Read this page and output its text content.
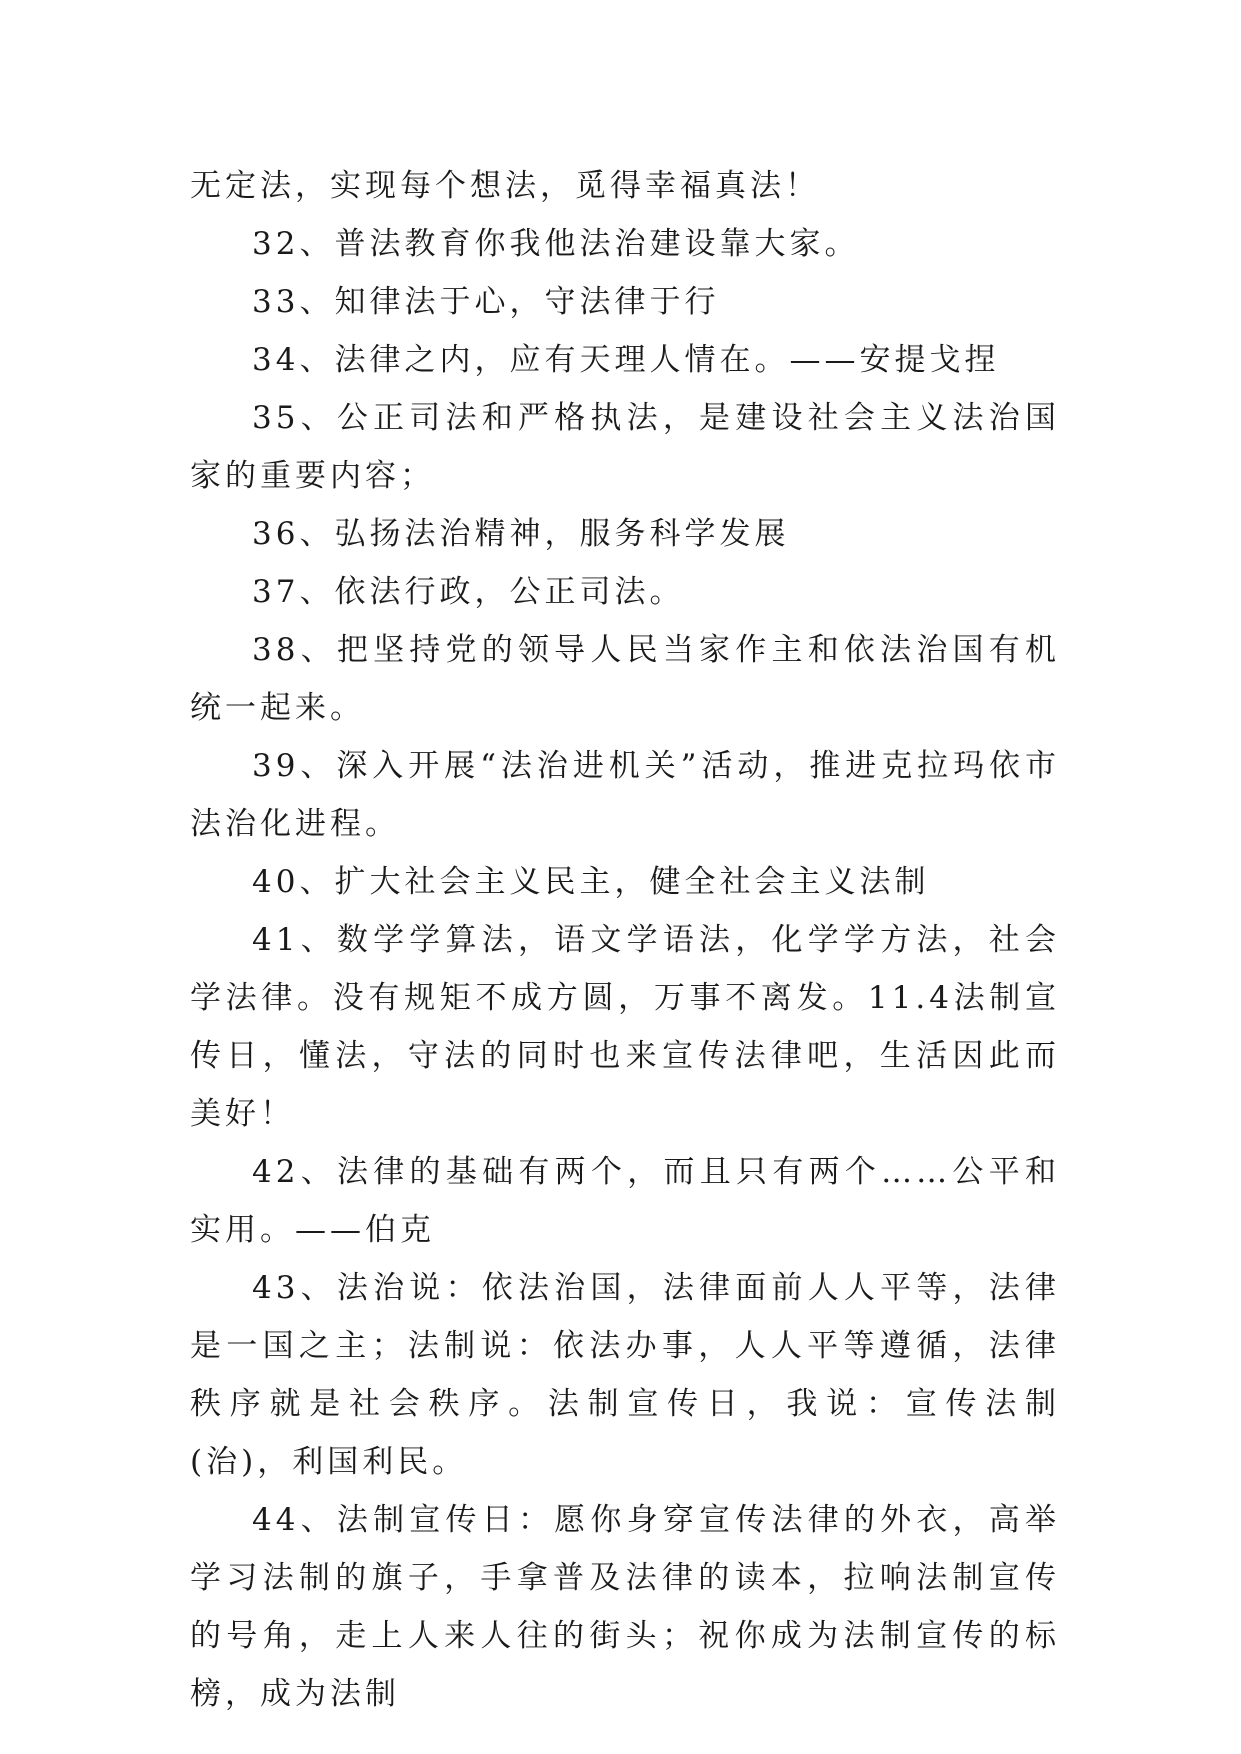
无定法，实现每个想法，觅得幸福真法！

32、普法教育你我他法治建设靠大家。

33、知律法于心，守法律于行

34、法律之内，应有天理人情在。——安提戈捏

35、公正司法和严格执法，是建设社会主义法治国家的重要内容；

36、弘扬法治精神，服务科学发展

37、依法行政，公正司法。

38、把坚持党的领导人民当家作主和依法治国有机统一起来。

39、深入开展“法治进机关”活动，推进克拉玛依市法治化进程。

40、扩大社会主义民主，健全社会主义法制

41、数学学算法，语文学语法，化学学方法，社会学法律。没有规矩不成方圆，万事不离发。11.4法制宣传日，懂法，守法的同时也来宣传法律吧，生活因此而美好！

42、法律的基础有两个，而且只有两个……公平和实用。——伯克

43、法治说：依法治国，法律面前人人平等，法律是一国之主；法制说：依法办事，人人平等遵循，法律秩序就是社会秩序。法制宣传日，我说：宣传法制(治)，利国利民。

44、法制宣传日：愿你身穿宣传法律的外衣，高举学习法制的旗子，手拿普及法律的读本，拉响法制宣传的号角，走上人来人往的街头；祝你成为法制宣传的标榜，成为法制
